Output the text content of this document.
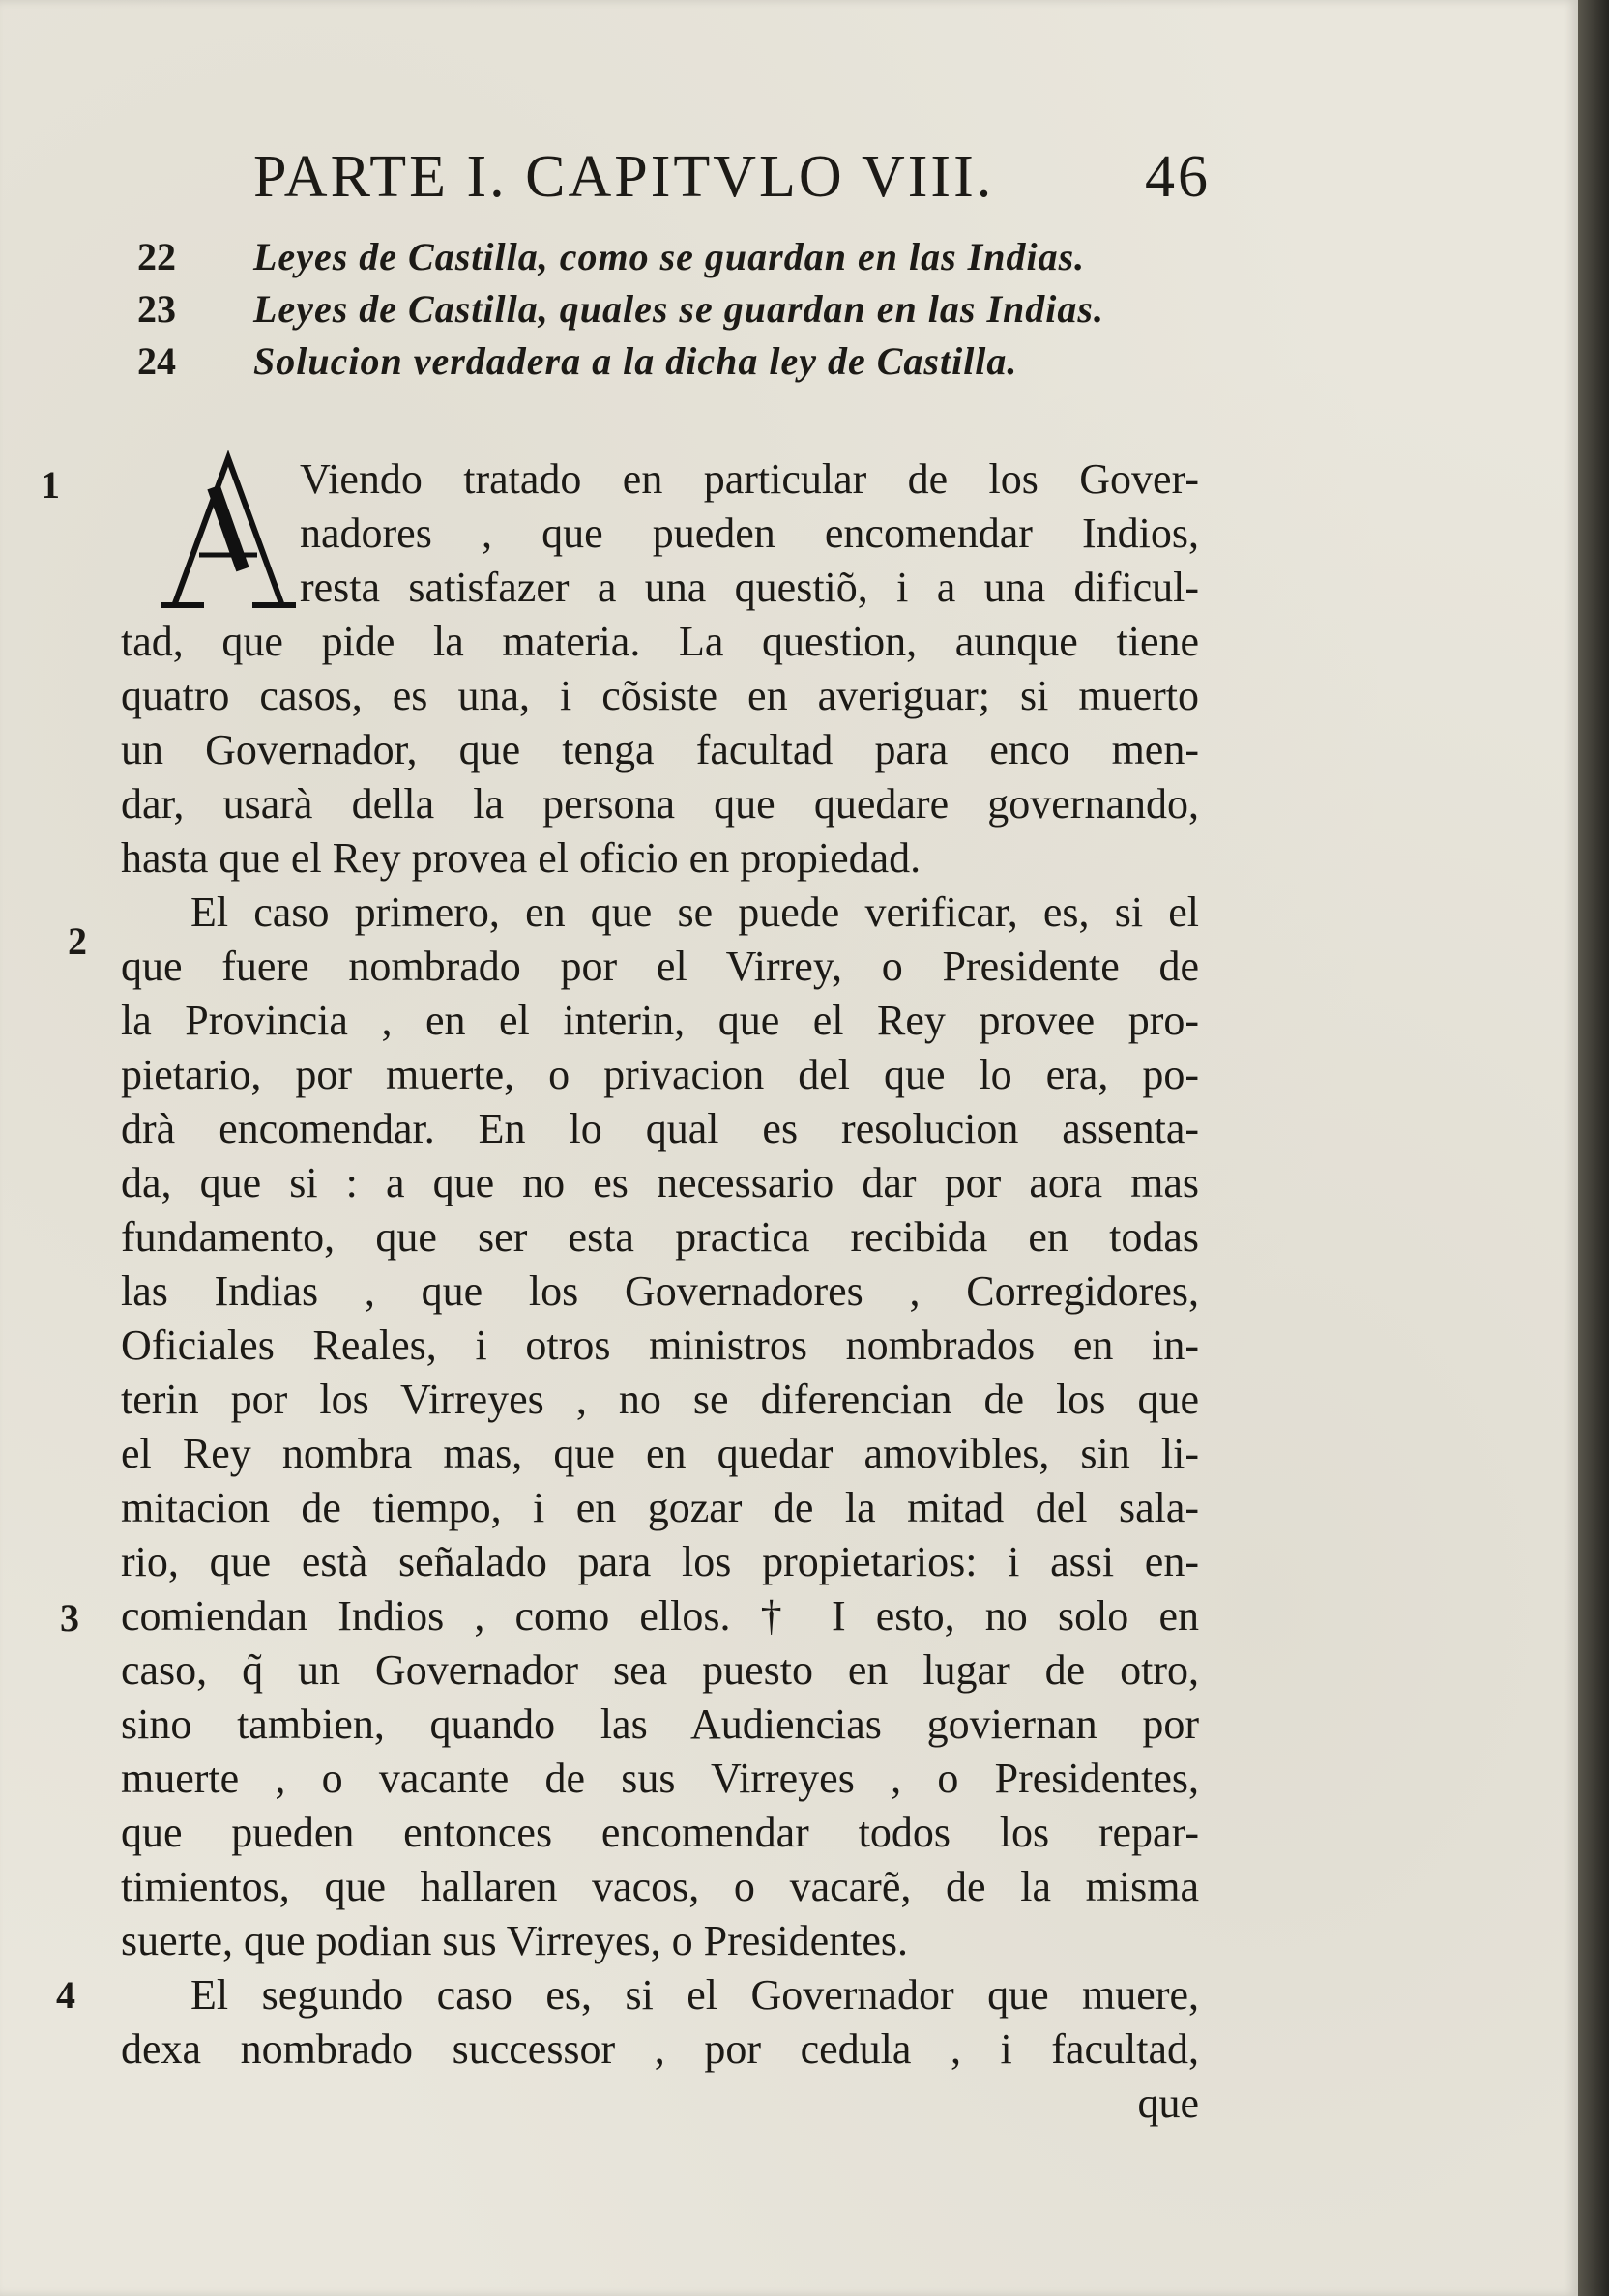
PARTE I. CAPITVLO VIII.	46
22	Leyes de Castilla, como se guardan en las Indias.
23	Leyes de Castilla, quales se guardan en las Indias.
24	Solucion verdadera a la dicha ley de Castilla.
1
2
3
4
Viendo tratado en particular de los Gover-
nadores , que pueden encomendar Indios,
resta satisfazer a una questiõ, i a una dificul-
tad, que pide la materia. La question, aunque tiene
quatro casos, es una, i cõsiste en averiguar; si muerto
un Governador, que tenga facultad para enco men-
dar, usarà della la persona que quedare governando,
hasta que el Rey provea el oficio en propiedad.
El caso primero, en que se puede verificar, es, si el
que fuere nombrado por el Virrey, o Presidente de
la Provincia , en el interin, que el Rey provee pro-
pietario, por muerte, o privacion del que lo era, po-
drà encomendar. En lo qual es resolucion assenta-
da, que si : a que no es necessario dar por aora mas
fundamento, que ser esta practica recibida en todas
las Indias , que los Governadores , Corregidores,
Oficiales Reales, i otros ministros nombrados en in-
terin por los Virreyes , no se diferencian de los que
el Rey nombra mas, que en quedar amovibles, sin li-
mitacion de tiempo, i en gozar de la mitad del sala-
rio, que està señalado para los propietarios: i assi en-
comiendan Indios , como ellos. † I esto, no solo en
caso, q̃ un Governador sea puesto en lugar de otro,
sino tambien, quando las Audiencias goviernan por
muerte , o vacante de sus Virreyes , o Presidentes,
que pueden entonces encomendar todos los repar-
timientos, que hallaren vacos, o vacarẽ, de la misma
suerte, que podian sus Virreyes, o Presidentes.
El segundo caso es, si el Governador que muere,
dexa nombrado successor , por cedula , i facultad,
que
